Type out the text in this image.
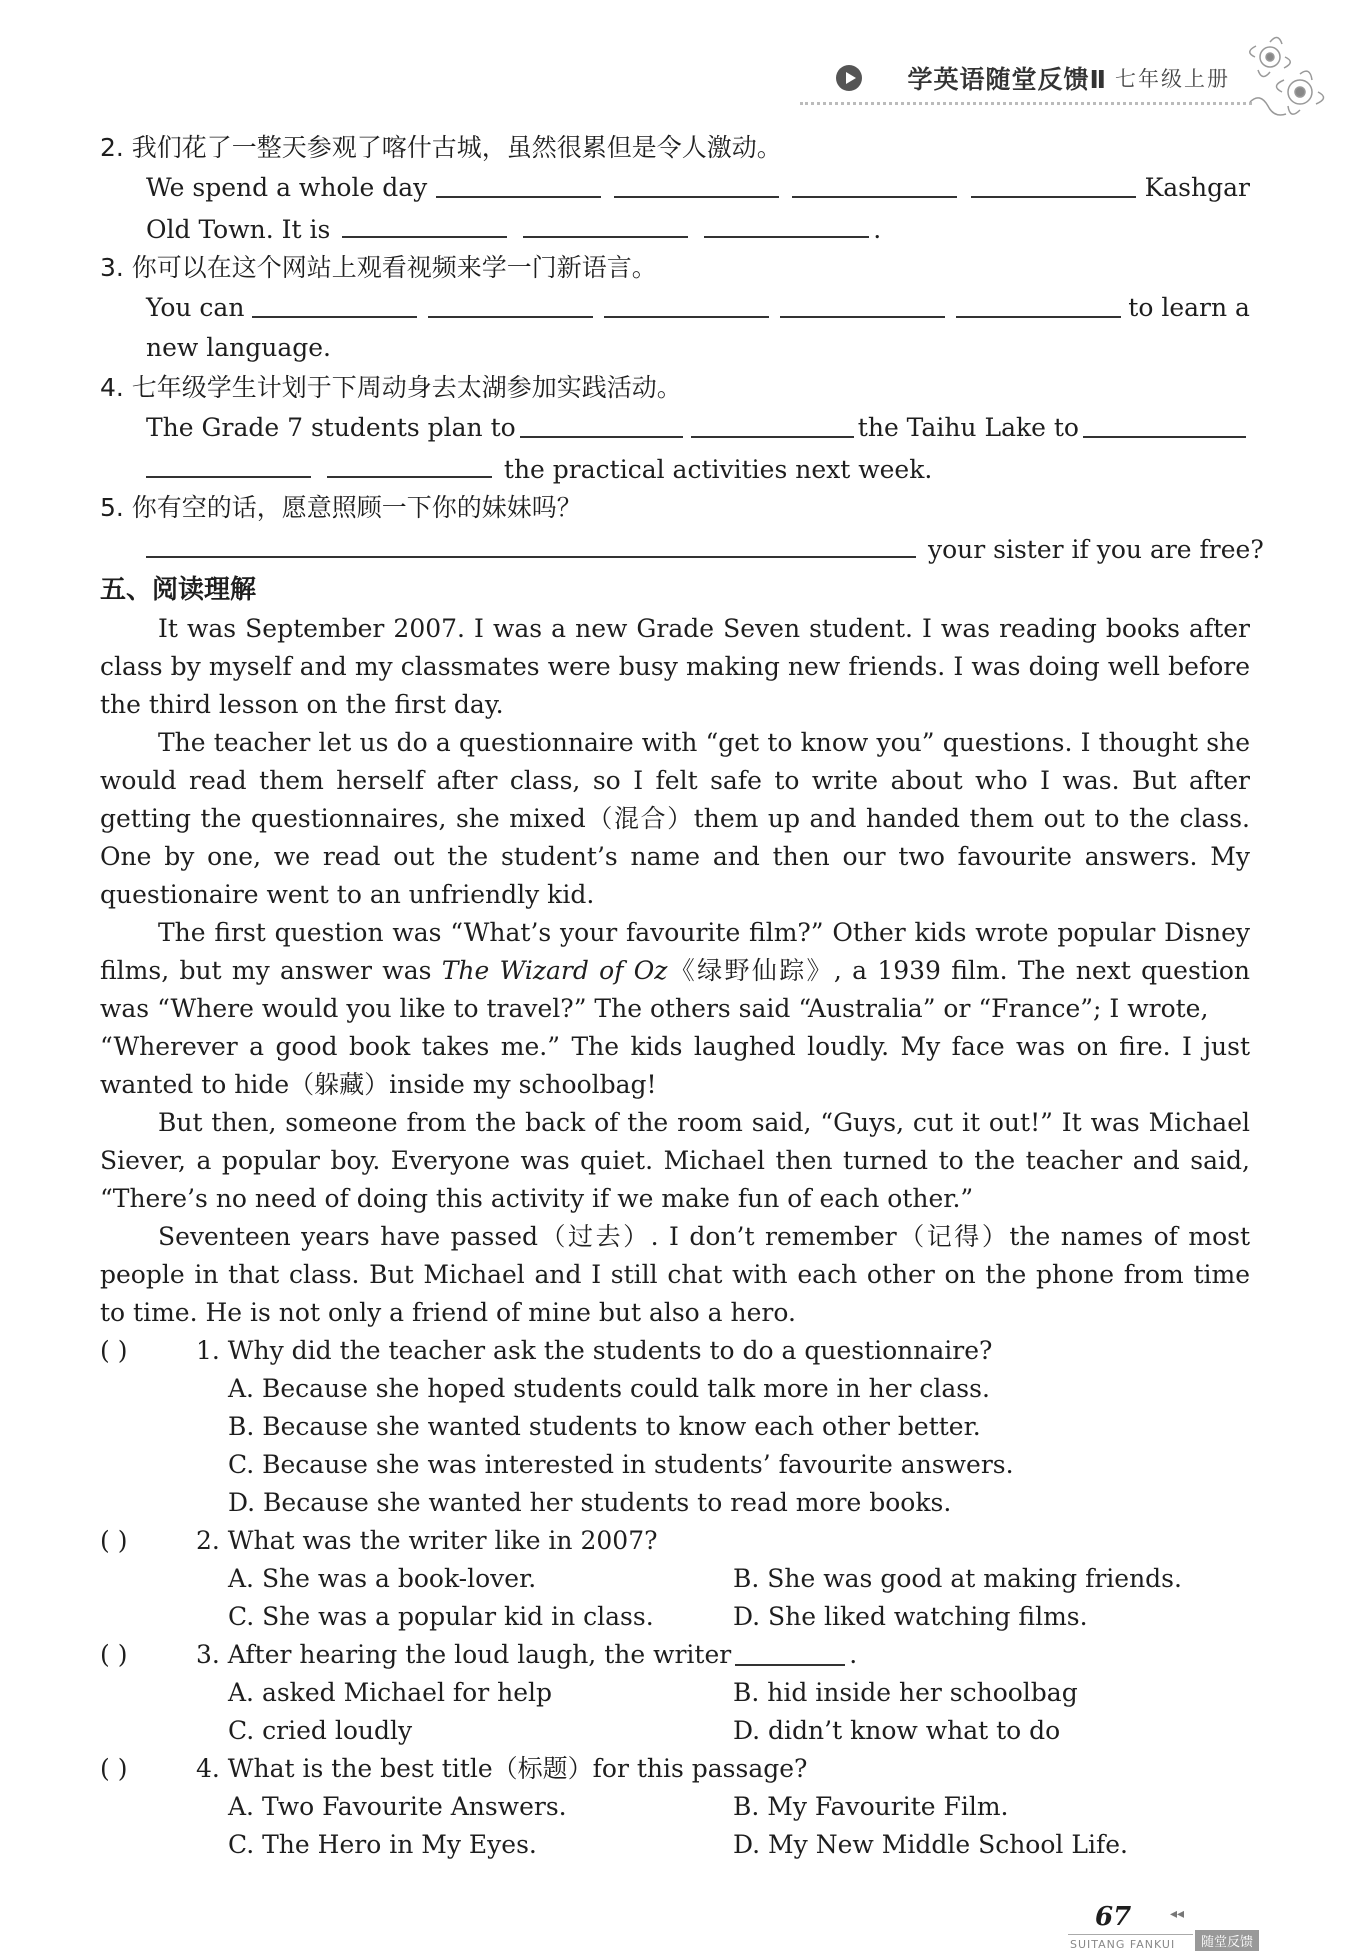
学英语随堂反馈Ⅱ 七年级上册
2. 我们花了一整天参观了喀什古城，虽然很累但是令人激动。
We spend a whole day	Kashgar
Old Town. It is	.
3. 你可以在这个网站上观看视频来学一门新语言。
You can	to learn a
new language.
4. 七年级学生计划于下周动身去太湖参加实践活动。
The Grade 7 students plan to	the Taihu Lake to
the practical activities next week.
5. 你有空的话，愿意照顾一下你的妹妹吗？
your sister if you are free?
五、阅读理解

It was September 2007. I was a new Grade Seven student. I was reading books after class by myself and my classmates were busy making new friends. I was doing well before the third lesson on the first day.

The teacher let us do a questionnaire with “get to know you” questions. I thought she would read them herself after class, so I felt safe to write about who I was. But after getting the questionnaires, she mixed（混合）them up and handed them out to the class. One by one, we read out the student’s name and then our two favourite answers. My questionaire went to an unfriendly kid.

The first question was “What’s your favourite film?” Other kids wrote popular Disney films, but my answer was The Wizard of Oz《绿野仙踪》, a 1939 film. The next question was “Where would you like to travel?” The others said “Australia” or “France”; I wrote,

“Wherever a good book takes me.” The kids laughed loudly. My face was on fire. I just wanted to hide（躲藏）inside my schoolbag!

But then, someone from the back of the room said, “Guys, cut it out!” It was Michael Siever, a popular boy. Everyone was quiet. Michael then turned to the teacher and said, “There’s no need of doing this activity if we make fun of each other.”

Seventeen years have passed（过去）. I don’t remember（记得）the names of most people in that class. But Michael and I still chat with each other on the phone from time to time. He is not only a friend of mine but also a hero.

( )	1. Why did the teacher ask the students to do a questionnaire?
A. Because she hoped students could talk more in her class.
B. Because she wanted students to know each other better.
C. Because she was interested in students’ favourite answers.
D. Because she wanted her students to read more books.
( )	2. What was the writer like in 2007?
A. She was a book-lover.	B. She was good at making friends.
C. She was a popular kid in class.	D. She liked watching films.
( )	3. After hearing the loud laugh, the writer	.
A. asked Michael for help	B. hid inside her schoolbag
C. cried loudly	D. didn’t know what to do
( )	4. What is the best title（标题）for this passage?
A. Two Favourite Answers.	B. My Favourite Film.
C. The Hero in My Eyes.	D. My New Middle School Life.
67	◂◂
SUITANG FANKUI	随堂反馈
